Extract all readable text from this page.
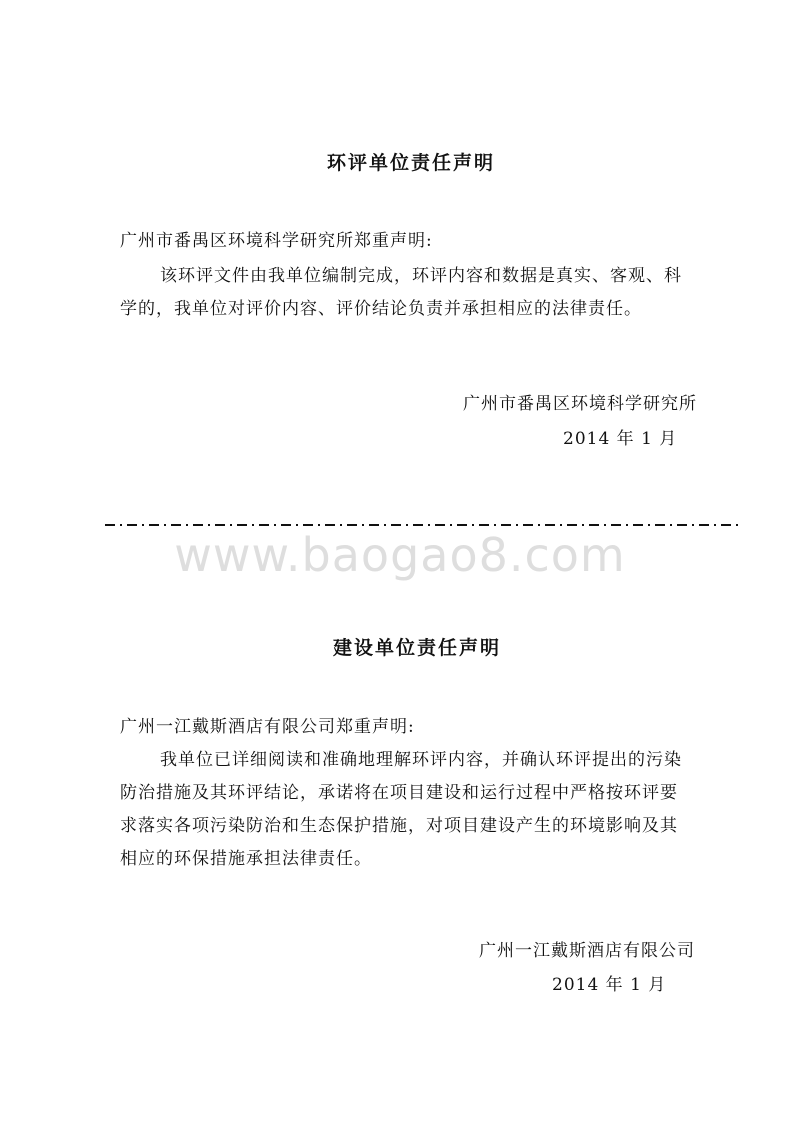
环评单位责任声明
广州市番禺区环境科学研究所郑重声明:
该环评文件由我单位编制完成，环评内容和数据是真实、客观、科
学的，我单位对评价内容、评价结论负责并承担相应的法律责任。
广州市番禺区环境科学研究所
2014 年 1 月
www.baogao8.com
建设单位责任声明
广州一江戴斯酒店有限公司郑重声明:
我单位已详细阅读和准确地理解环评内容，并确认环评提出的污染
防治措施及其环评结论，承诺将在项目建设和运行过程中严格按环评要
求落实各项污染防治和生态保护措施，对项目建设产生的环境影响及其
相应的环保措施承担法律责任。
广州一江戴斯酒店有限公司
2014 年 1 月
